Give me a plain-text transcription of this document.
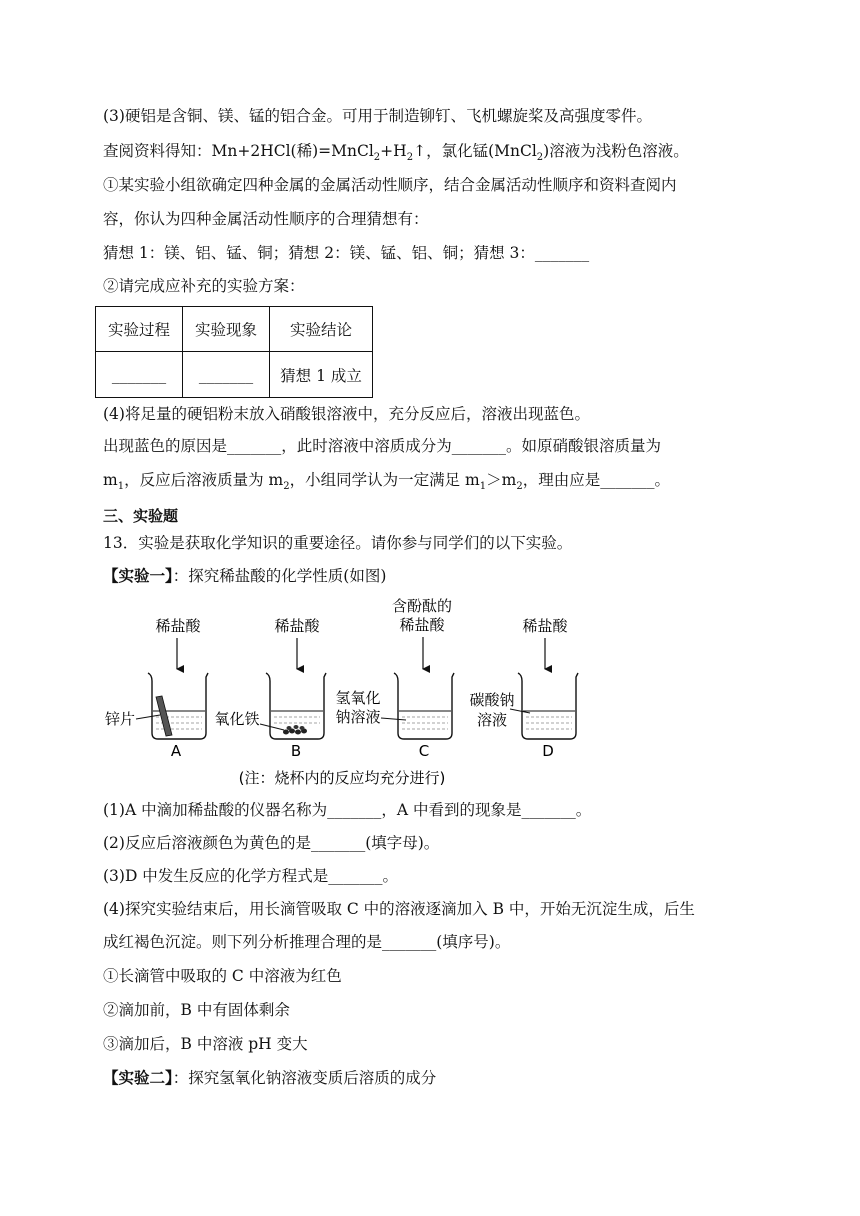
(3)硬铝是含铜、镁、锰的铝合金。可用于制造铆钉、飞机螺旋桨及高强度零件。
查阅资料得知：Mn+2HCl(稀)$=MnCl_2+H_2↑$，氯化锰(MnCl$_2$)溶液为浅粉色溶液。
①某实验小组欲确定四种金属的金属活动性顺序，结合金属活动性顺序和资料查阅内
容，你认为四种金属活动性顺序的合理猜想有：
猜想 1：镁、铝、锰、铜；猜想 2：镁、锰、铝、铜；猜想 3：_______
②请完成应补充的实验方案：
实验过程	实验现象	实验结论
_______	_______	猜想 1 成立
(4)将足量的硬铝粉末放入硝酸银溶液中，充分反应后，溶液出现蓝色。
出现蓝色的原因是_______，此时溶液中溶质成分为_______。如原硝酸银溶质量为
$m_1$，反应后溶液质量为 $m_2$，小组同学认为一定满足 $m_1>m_2$，理由应是_______。
三、实验题
13．实验是获取化学知识的重要途径。请你参与同学们的以下实验。
【实验一】：探究稀盐酸的化学性质(如图)
稀盐酸
锌片
A
稀盐酸
氧化铁
B
含酚酞的
稀盐酸
氢氧化
钠溶液
C
稀盐酸
碳酸钠
溶液
D
(注：烧杯内的反应均充分进行)
(1)A 中滴加稀盐酸的仪器名称为_______，A 中看到的现象是_______。
(2)反应后溶液颜色为黄色的是_______(填字母)。
(3)D 中发生反应的化学方程式是_______。
(4)探究实验结束后，用长滴管吸取 C 中的溶液逐滴加入 B 中，开始无沉淀生成，后生
成红褐色沉淀。则下列分析推理合理的是_______(填序号)。
①长滴管中吸取的 C 中溶液为红色
②滴加前，B 中有固体剩余
③滴加后，B 中溶液 pH 变大
【实验二】：探究氢氧化钠溶液变质后溶质的成分
